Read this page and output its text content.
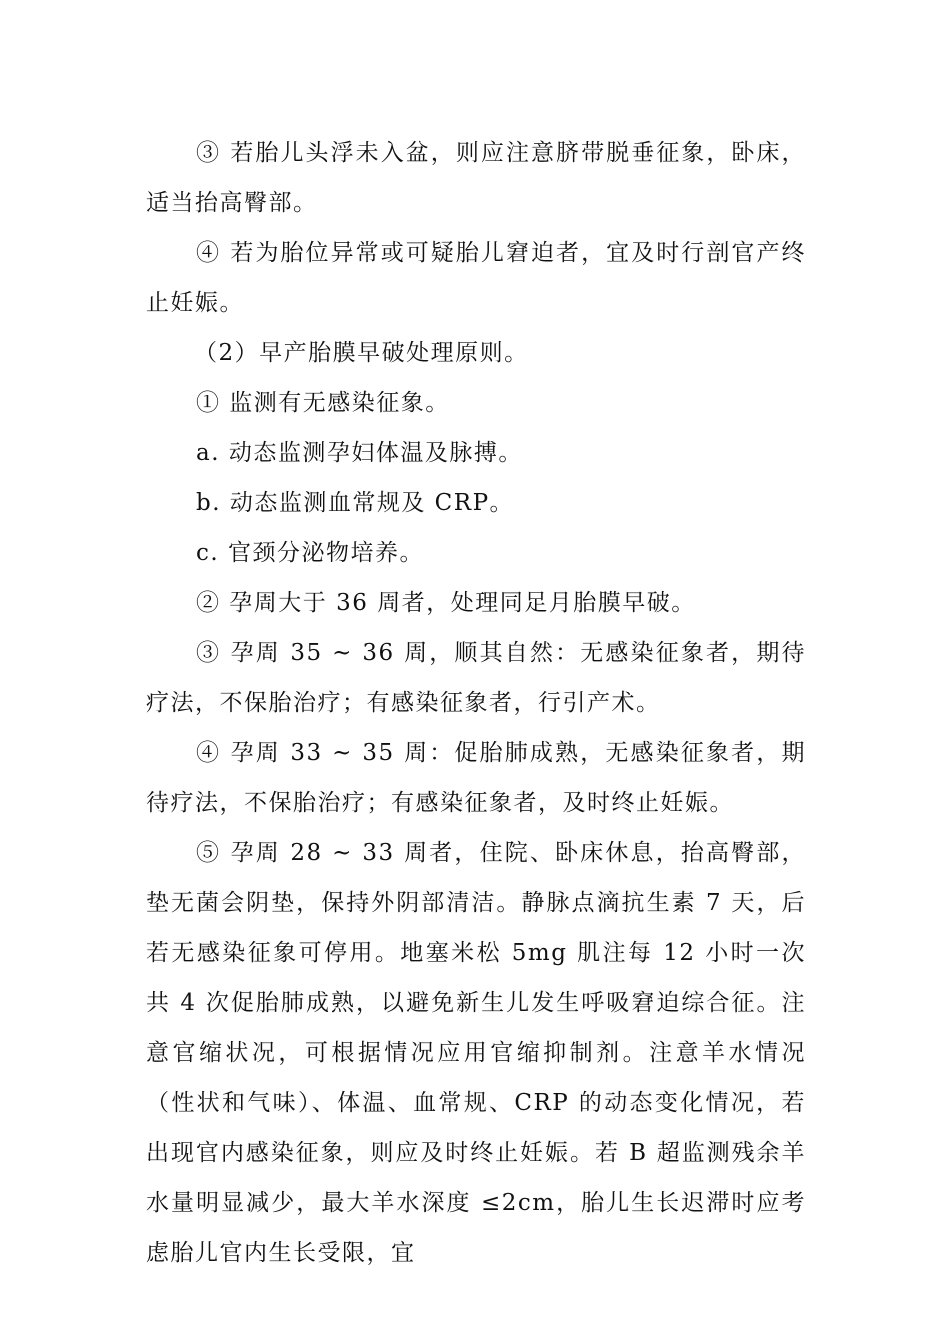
③ 若胎儿头浮未入盆，则应注意脐带脱垂征象，卧床，适当抬高臀部。

④ 若为胎位异常或可疑胎儿窘迫者，宜及时行剖官产终止妊娠。

（2）早产胎膜早破处理原则。

① 监测有无感染征象。

a. 动态监测孕妇体温及脉搏。

b. 动态监测血常规及 CRP。

c. 官颈分泌物培养。

② 孕周大于 36 周者，处理同足月胎膜早破。

③ 孕周 35 ~ 36 周，顺其自然：无感染征象者，期待疗法，不保胎治疗；有感染征象者，行引产术。

④ 孕周 33 ~ 35 周：促胎肺成熟，无感染征象者，期待疗法，不保胎治疗；有感染征象者，及时终止妊娠。

⑤ 孕周 28 ~ 33 周者，住院、卧床休息，抬高臀部，垫无菌会阴垫，保持外阴部清洁。静脉点滴抗生素 7 天，后若无感染征象可停用。地塞米松 5mg 肌注每 12 小时一次共 4 次促胎肺成熟，以避免新生儿发生呼吸窘迫综合征。注意官缩状况，可根据情况应用官缩抑制剂。注意羊水情况（性状和气味）、体温、血常规、CRP 的动态变化情况，若出现官内感染征象，则应及时终止妊娠。若 B 超监测残余羊水量明显减少，最大羊水深度 ≤2cm，胎儿生长迟滞时应考虑胎儿官内生长受限，宜
